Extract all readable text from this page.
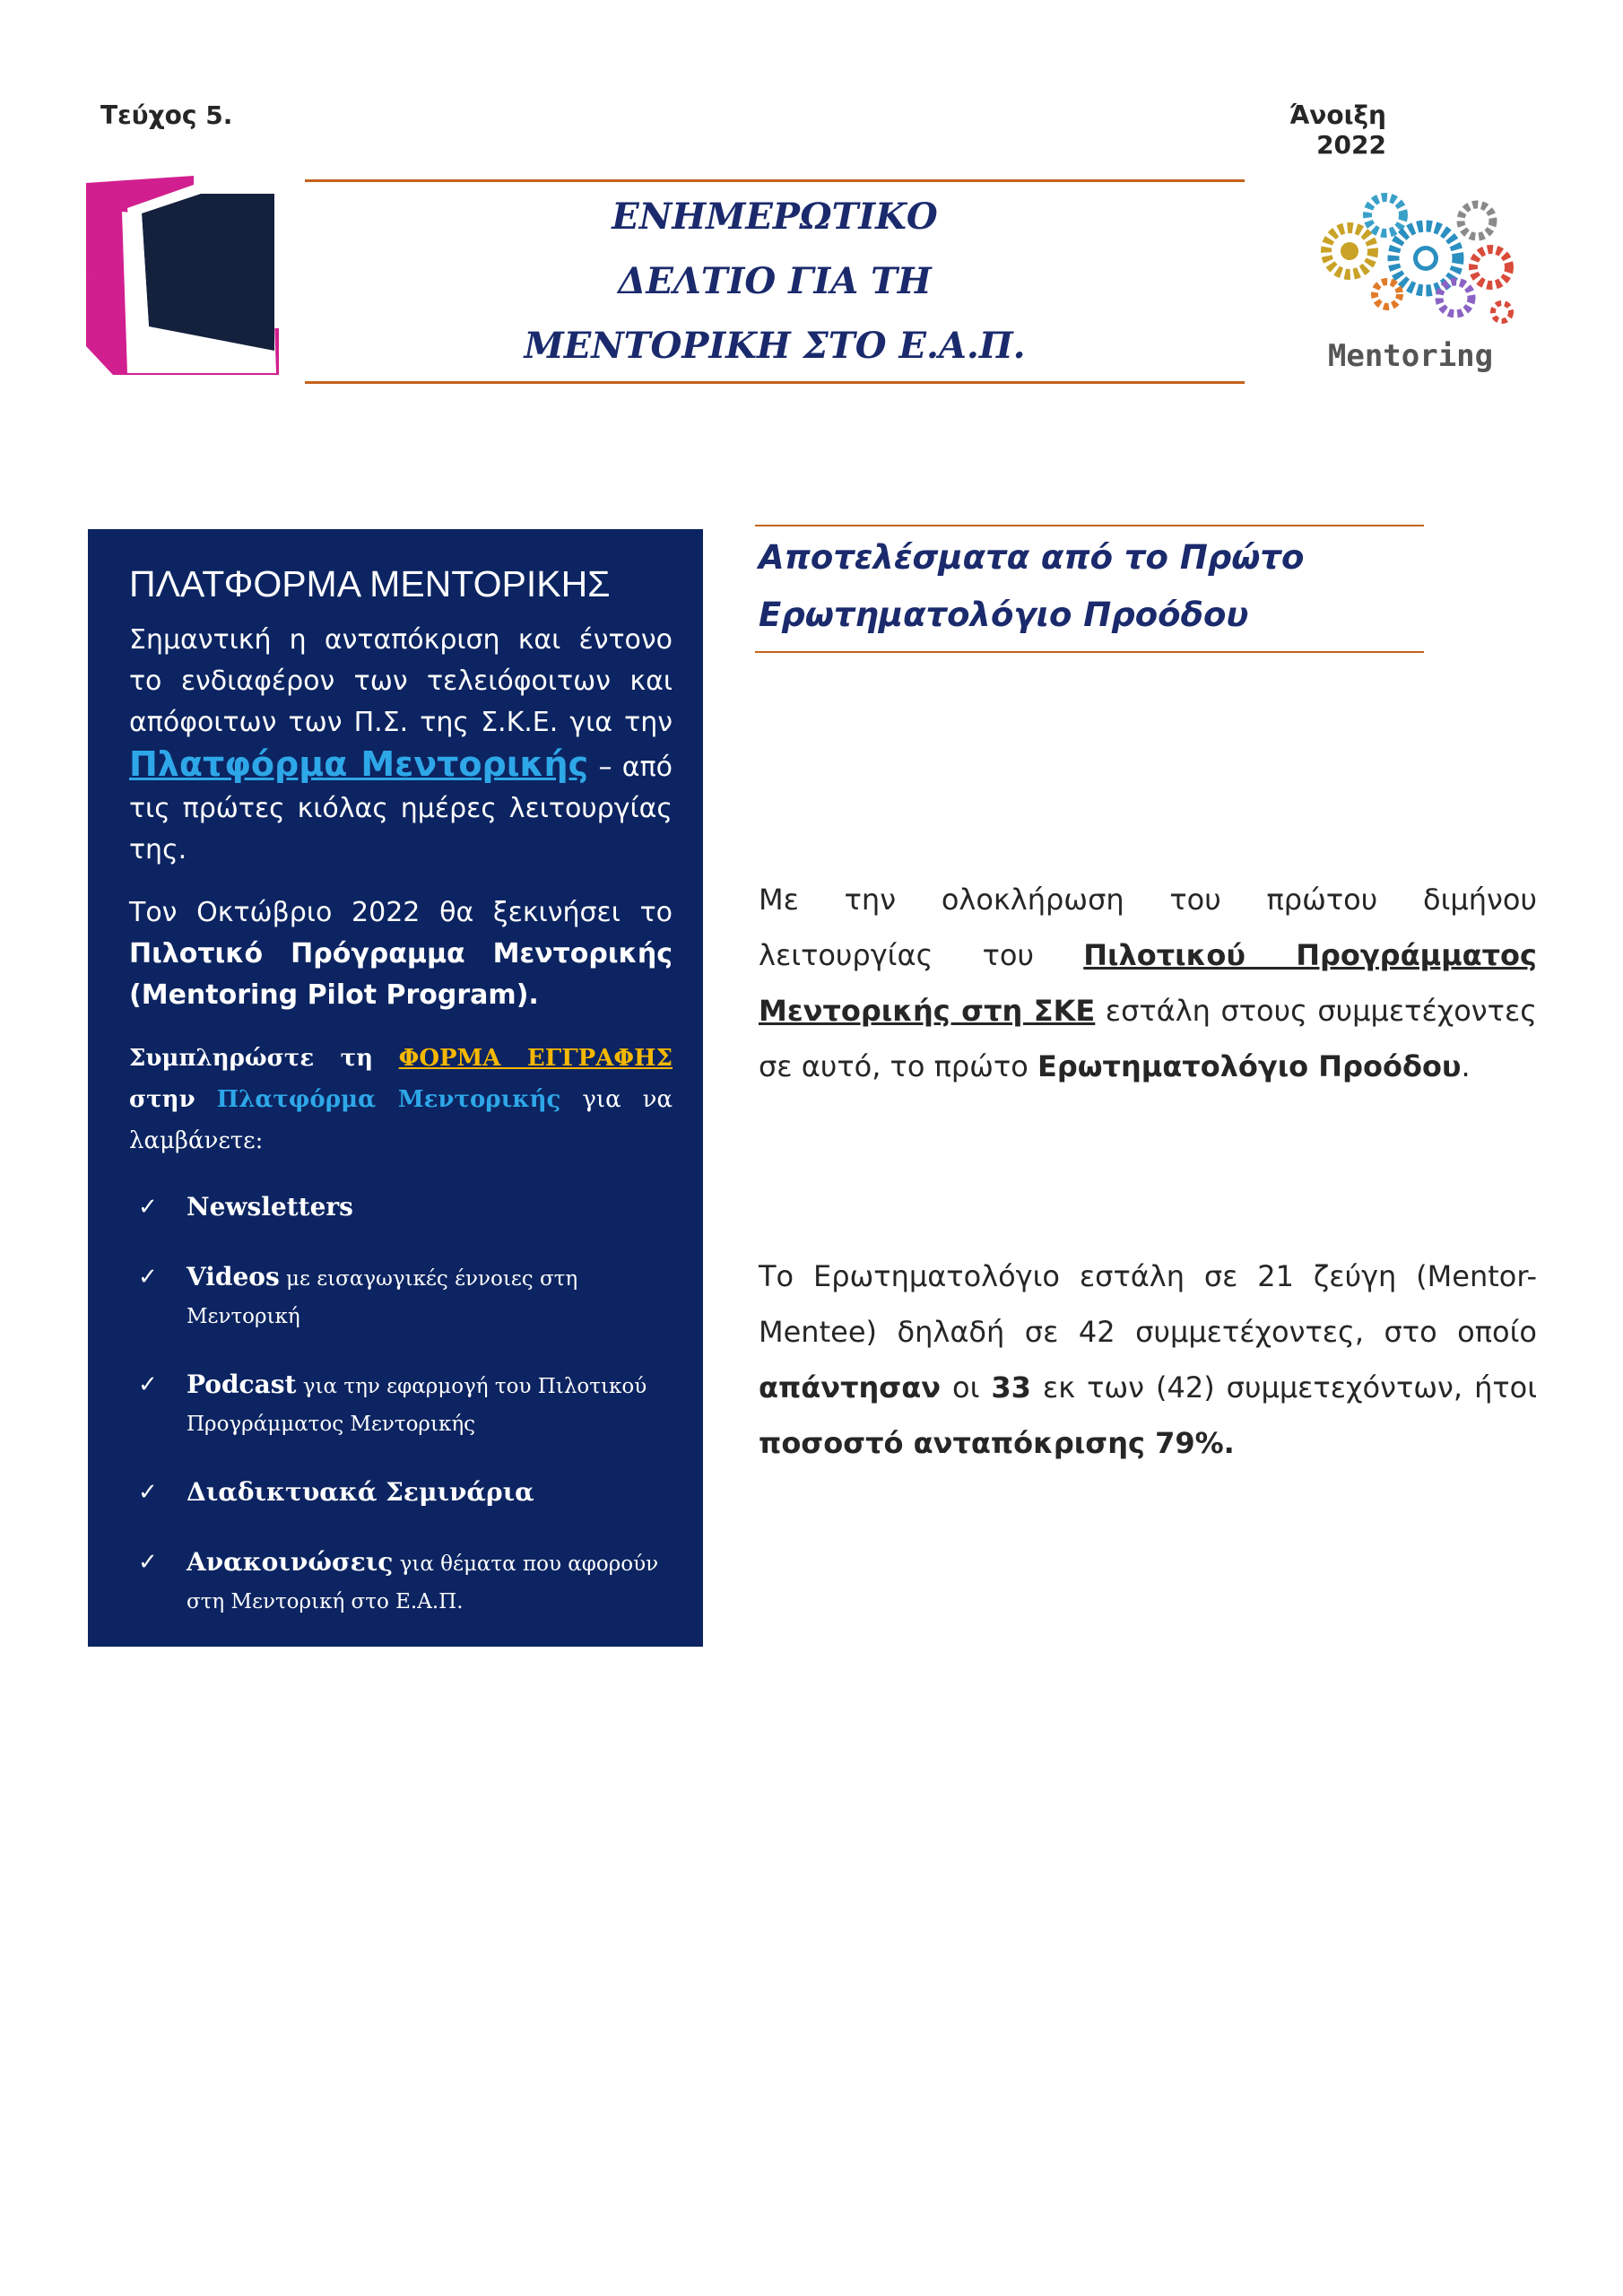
Τεύχος 5.	Άνοιξη 2022
ΕΝΗΜΕΡΩΤΙΚΟ
ΔΕΛΤΙΟ ΓΙΑ ΤΗ
ΜΕΝΤΟΡΙΚΗ ΣΤΟ Ε.Α.Π.	Mentoring
ΠΛΑΤΦΟΡΜΑ ΜΕΝΤΟΡΙΚΗΣ

Σημαντική η ανταπόκριση και έντονο το ενδιαφέρον των τελειόφοιτων και απόφοιτων των Π.Σ. της Σ.Κ.Ε. για την Πλατφόρμα Μεντορικής – από τις πρώτες κιόλας ημέρες λειτουργίας της.

Τον Οκτώβριο 2022 θα ξεκινήσει το Πιλοτικό Πρόγραμμα Μεντορικής (Mentoring Pilot Program).

Συμπληρώστε τη ΦΟΡΜΑ ΕΓΓΡΑΦΗΣ στην Πλατφόρμα Μεντορικής για να λαμβάνετε:

✓ Newsletters
✓ Videos με εισαγωγικές έννοιες στη Μεντορική
✓ Podcast για την εφαρμογή του Πιλοτικού Προγράμματος Μεντορικής
✓ Διαδικτυακά Σεμινάρια
✓ Ανακοινώσεις για θέματα που αφορούν στη Μεντορική στο Ε.Α.Π.
Αποτελέσματα από το Πρώτο
Ερωτηματολόγιο Προόδου
Με την ολοκλήρωση του πρώτου διμήνου λειτουργίας του Πιλοτικού Προγράμματος Μεντορικής στη ΣΚΕ εστάλη στους συμμετέχοντες σε αυτό, το πρώτο Ερωτηματολόγιο Προόδου.
Το Ερωτηματολόγιο εστάλη σε 21 ζεύγη (Mentor-Mentee) δηλαδή σε 42 συμμετέχοντες, στο οποίο απάντησαν οι 33 εκ των (42) συμμετεχόντων, ήτοι ποσοστό ανταπόκρισης 79%.
